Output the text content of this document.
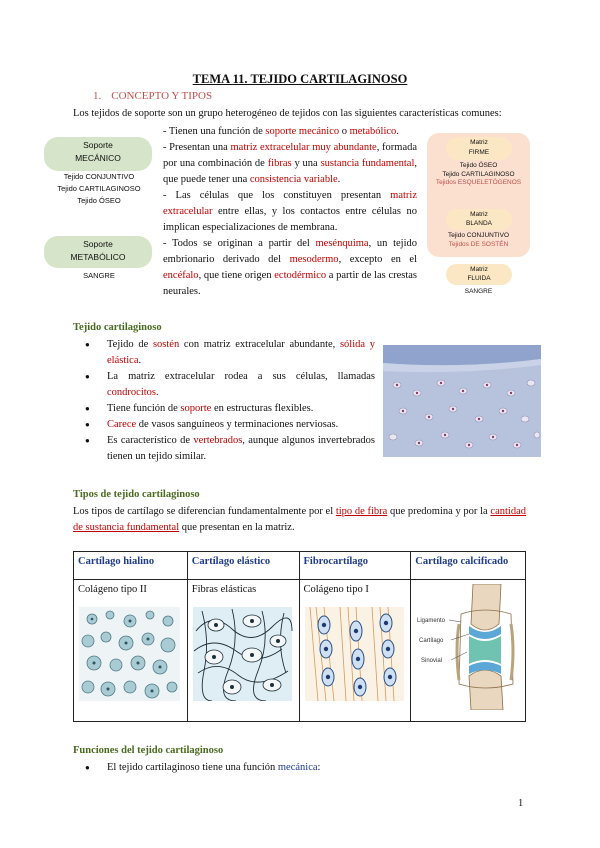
TEMA 11. TEJIDO CARTILAGINOSO
1. CONCEPTO Y TIPOS
Los tejidos de soporte son un grupo heterogéneo de tejidos con las siguientes características comunes:
Soporte
MECÁNICO
Tejido CONJUNTIVO
Tejido CARTILAGINOSO
Tejido ÓSEO
Soporte
METABÓLICO
SANGRE
- Tienen una función de soporte mecánico o metabólico.
- Presentan una matriz extracelular muy abundante, formada por una combinación de fibras y una sustancia fundamental, que puede tener una consistencia variable.
- Las células que los constituyen presentan matriz extracelular entre ellas, y los contactos entre células no implican especializaciones de membrana.
- Todos se originan a partir del mesénquima, un tejido embrionario derivado del mesodermo, excepto en el encéfalo, que tiene origen ectodérmico a partir de las crestas neurales.
Matriz
FIRME
Tejido ÓSEO
Tejido CARTILAGINOSO
Tejidos ESQUELETÓGENOS
Matriz
BLANDA
Tejido CONJUNTIVO
Tejidos DE SOSTÉN
Matriz
FLUIDA
SANGRE
Tejido cartilaginoso
● Tejido de sostén con matriz extracelular abundante, sólida y elástica.
● La matriz extracelular rodea a sus células, llamadas condrocitos.
● Tiene función de soporte en estructuras flexibles.
● Carece de vasos sanguíneos y terminaciones nerviosas.
● Es característico de vertebrados, aunque algunos invertebrados tienen un tejido similar.
Tipos de tejido cartilaginoso
Los tipos de cartílago se diferencian fundamentalmente por el tipo de fibra que predomina y por la cantidad de sustancia fundamental que presentan en la matriz.
Cartílago hialino	Cartílago elástico	Fibrocartílago	Cartílago calcificado

Colágeno tipo II	Fibras elásticas	Colágeno tipo I	Ligamento
Cartílago
Sinovial
Funciones del tejido cartilaginoso
● El tejido cartilaginoso tiene una función mecánica:
1
